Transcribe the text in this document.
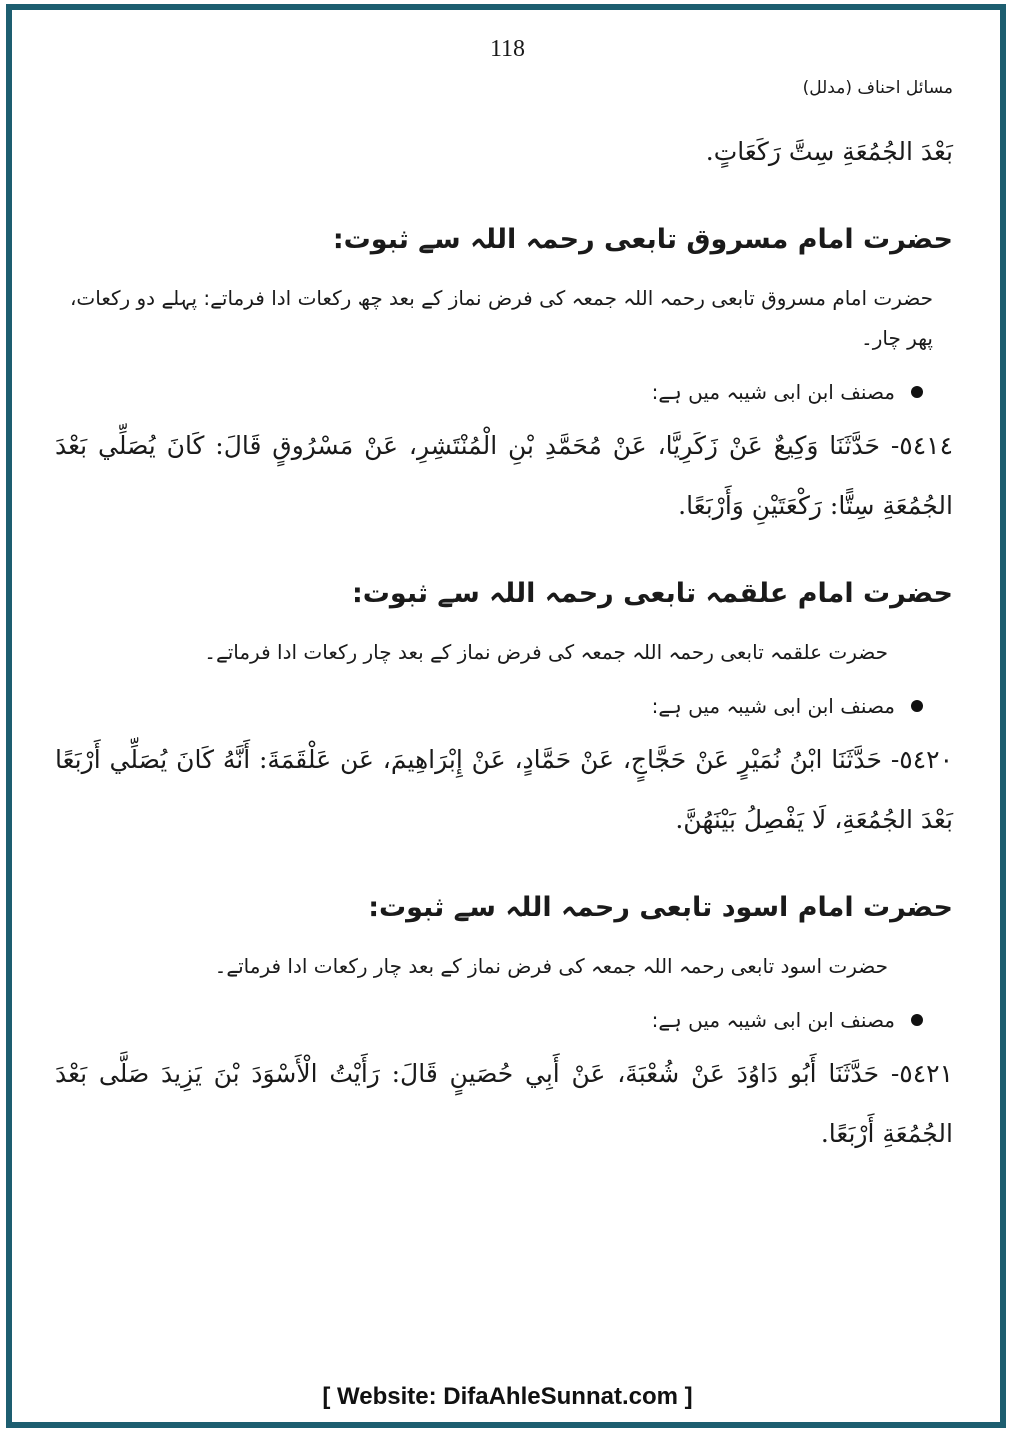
118
مسائل احناف (مدلل)

بَعْدَ الجُمُعَةِ سِتَّ رَكَعَاتٍ.

حضرت امام مسروق تابعی رحمہ اللہ سے ثبوت:

حضرت امام مسروق تابعی رحمہ اللہ جمعہ کی فرض نماز کے بعد چھ رکعات ادا فرماتے: پہلے دو رکعات، پھر چار۔

مصنف ابن ابی شیبہ میں ہے:

٥٤١٤- حَدَّثَنَا وَكِيعٌ عَنْ زَكَرِيَّا، عَنْ مُحَمَّدِ بْنِ الْمُنْتَشِرِ، عَنْ مَسْرُوقٍ قَالَ: كَانَ يُصَلِّي بَعْدَ الجُمُعَةِ سِتًّا: رَكْعَتَيْنِ وَأَرْبَعًا.

حضرت امام علقمہ تابعی رحمہ اللہ سے ثبوت:

حضرت علقمہ تابعی رحمہ اللہ جمعہ کی فرض نماز کے بعد چار رکعات ادا فرماتے۔

مصنف ابن ابی شیبہ میں ہے:

٥٤٢٠- حَدَّثَنَا ابْنُ نُمَيْرٍ عَنْ حَجَّاجٍ، عَنْ حَمَّادٍ، عَنْ إِبْرَاهِيمَ، عَن عَلْقَمَةَ: أَنَّهُ كَانَ يُصَلِّي أَرْبَعًا بَعْدَ الجُمُعَةِ، لَا يَفْصِلُ بَيْنَهُنَّ.

حضرت امام اسود تابعی رحمہ اللہ سے ثبوت:

حضرت اسود تابعی رحمہ اللہ جمعہ کی فرض نماز کے بعد چار رکعات ادا فرماتے۔

مصنف ابن ابی شیبہ میں ہے:

٥٤٢١- حَدَّثَنَا أَبُو دَاوُدَ عَنْ شُعْبَةَ، عَنْ أَبِي حُصَينٍ قَالَ: رَأَيْتُ الْأَسْوَدَ بْنَ يَزِيدَ صَلَّى بَعْدَ الجُمُعَةِ أَرْبَعًا.

[ Website: DifaAhleSunnat.com ]
